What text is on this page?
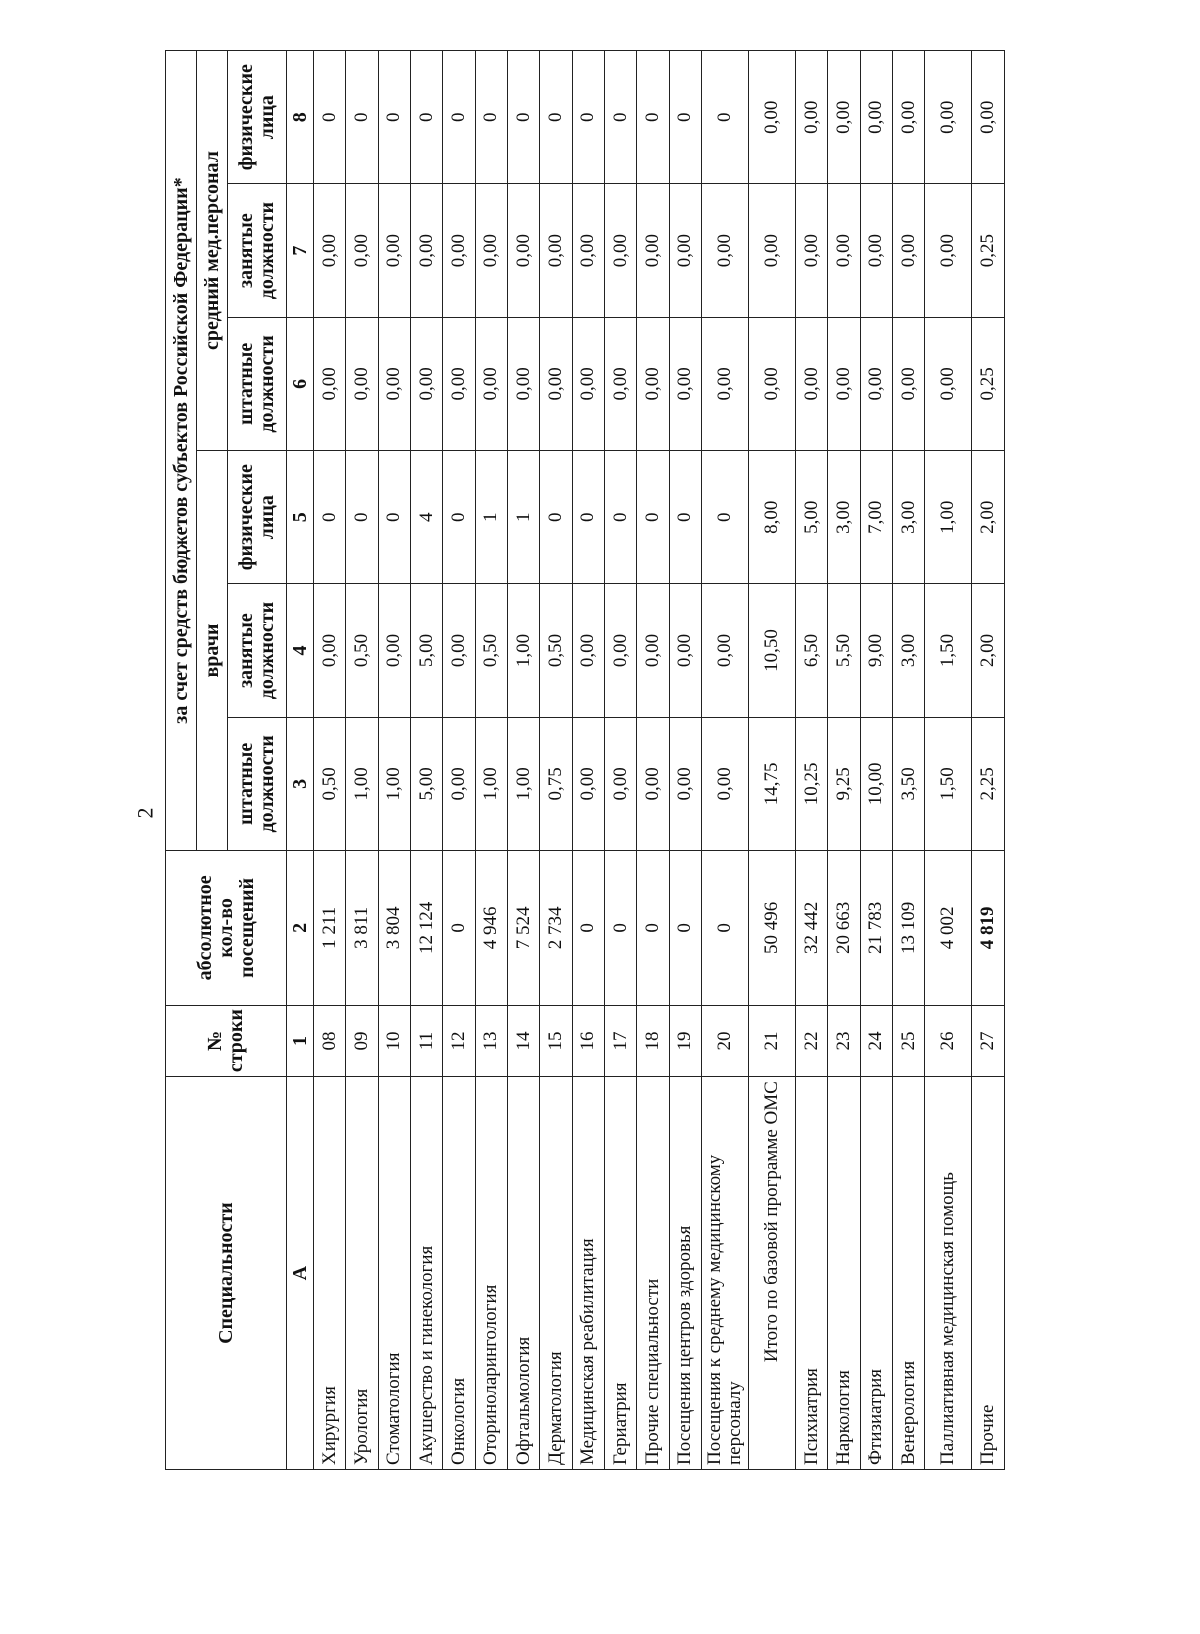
2
Специальности	№ строки	абсолютное кол-во посещений	за счет средств бюджетов субъектов Российской Федерации*					
			врачи			средний мед.персонал		
			штатные должности	занятые должности	физические лица	штатные должности	занятые должности	физические лица
А	1	2	3	4	5	6	7	8
Хирургия	08	1 211	0,50	0,00	0	0,00	0,00	0
Урология	09	3 811	1,00	0,50	0	0,00	0,00	0
Стоматология	10	3 804	1,00	0,00	0	0,00	0,00	0
Акушерство и гинекология	11	12 124	5,00	5,00	4	0,00	0,00	0
Онкология	12	0	0,00	0,00	0	0,00	0,00	0
Оториноларингология	13	4 946	1,00	0,50	1	0,00	0,00	0
Офтальмология	14	7 524	1,00	1,00	1	0,00	0,00	0
Дерматология	15	2 734	0,75	0,50	0	0,00	0,00	0
Медицинская реабилитация	16	0	0,00	0,00	0	0,00	0,00	0
Гериатрия	17	0	0,00	0,00	0	0,00	0,00	0
Прочие специальности	18	0	0,00	0,00	0	0,00	0,00	0
Посещения центров здоровья	19	0	0,00	0,00	0	0,00	0,00	0
Посещения к среднему медицинскому персоналу	20	0	0,00	0,00	0	0,00	0,00	0
Итого по базовой программе ОМС	21	50 496	14,75	10,50	8,00	0,00	0,00	0,00
Психиатрия	22	32 442	10,25	6,50	5,00	0,00	0,00	0,00
Наркология	23	20 663	9,25	5,50	3,00	0,00	0,00	0,00
Фтизиатрия	24	21 783	10,00	9,00	7,00	0,00	0,00	0,00
Венерология	25	13 109	3,50	3,00	3,00	0,00	0,00	0,00
Паллиативная медицинская помощь	26	4 002	1,50	1,50	1,00	0,00	0,00	0,00
Прочие	27	4 819	2,25	2,00	2,00	0,25	0,25	0,00
